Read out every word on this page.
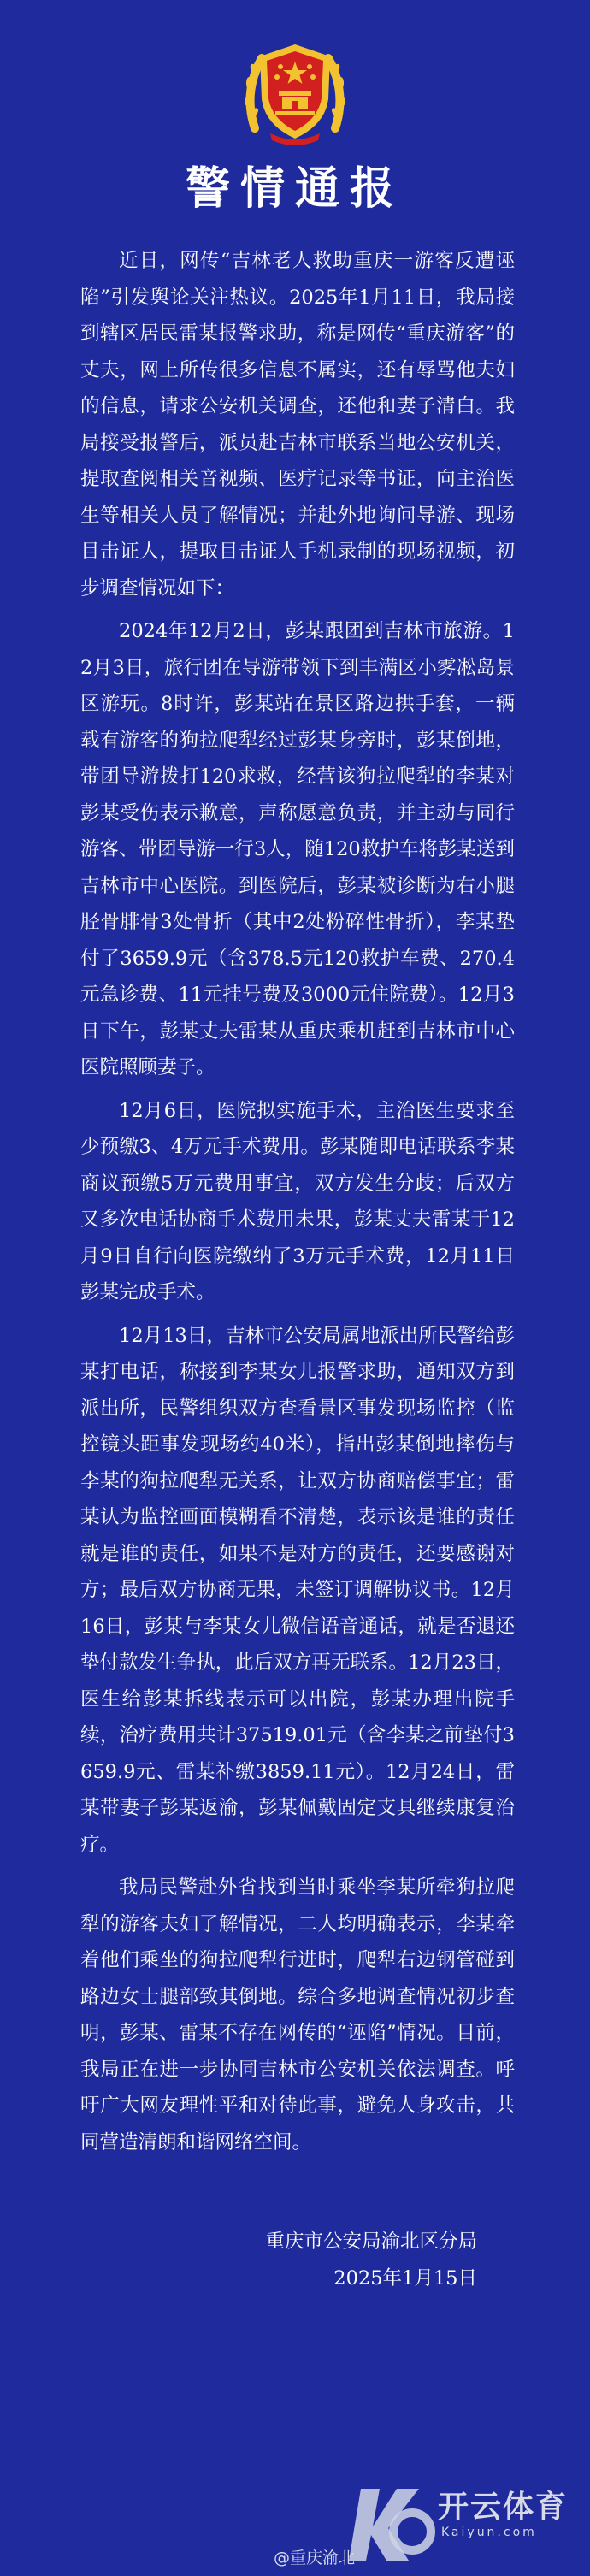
警情通报

近日，网传“吉林老人救助重庆一游客反遭诬陷”引发舆论关注热议。2025年1月11日，我局接到辖区居民雷某报警求助，称是网传“重庆游客”的丈夫，网上所传很多信息不属实，还有辱骂他夫妇的信息，请求公安机关调查，还他和妻子清白。我局接受报警后，派员赴吉林市联系当地公安机关，提取查阅相关音视频、医疗记录等书证，向主治医生等相关人员了解情况；并赴外地询问导游、现场目击证人，提取目击证人手机录制的现场视频，初步调查情况如下：

2024年12月2日，彭某跟团到吉林市旅游。12月3日，旅行团在导游带领下到丰满区小雾凇岛景区游玩。8时许，彭某站在景区路边拱手套，一辆载有游客的狗拉爬犁经过彭某身旁时，彭某倒地，带团导游拨打120求救，经营该狗拉爬犁的李某对彭某受伤表示歉意，声称愿意负责，并主动与同行游客、带团导游一行3人，随120救护车将彭某送到吉林市中心医院。到医院后，彭某被诊断为右小腿胫骨腓骨3处骨折（其中2处粉碎性骨折），李某垫付了3659.9元（含378.5元120救护车费、270.4元急诊费、11元挂号费及3000元住院费）。12月3日下午，彭某丈夫雷某从重庆乘机赶到吉林市中心医院照顾妻子。

12月6日，医院拟实施手术，主治医生要求至少预缴3、4万元手术费用。彭某随即电话联系李某商议预缴5万元费用事宜，双方发生分歧；后双方又多次电话协商手术费用未果，彭某丈夫雷某于12月9日自行向医院缴纳了3万元手术费，12月11日彭某完成手术。

12月13日，吉林市公安局属地派出所民警给彭某打电话，称接到李某女儿报警求助，通知双方到派出所，民警组织双方查看景区事发现场监控（监控镜头距事发现场约40米），指出彭某倒地摔伤与李某的狗拉爬犁无关系，让双方协商赔偿事宜；雷某认为监控画面模糊看不清楚，表示该是谁的责任就是谁的责任，如果不是对方的责任，还要感谢对方；最后双方协商无果，未签订调解协议书。12月16日，彭某与李某女儿微信语音通话，就是否退还垫付款发生争执，此后双方再无联系。12月23日，医生给彭某拆线表示可以出院，彭某办理出院手续，治疗费用共计37519.01元（含李某之前垫付3659.9元、雷某补缴3859.11元）。12月24日，雷某带妻子彭某返渝，彭某佩戴固定支具继续康复治疗。

我局民警赴外省找到当时乘坐李某所牵狗拉爬犁的游客夫妇了解情况，二人均明确表示，李某牵着他们乘坐的狗拉爬犁行进时，爬犁右边钢管碰到路边女士腿部致其倒地。综合多地调查情况初步查明，彭某、雷某不存在网传的“诬陷”情况。目前，我局正在进一步协同吉林市公安机关依法调查。呼吁广大网友理性平和对待此事，避免人身攻击，共同营造清朗和谐网络空间。

重庆市公安局渝北区分局
2025年1月15日
开云体育
Kaiyun.com
@重庆渝北
